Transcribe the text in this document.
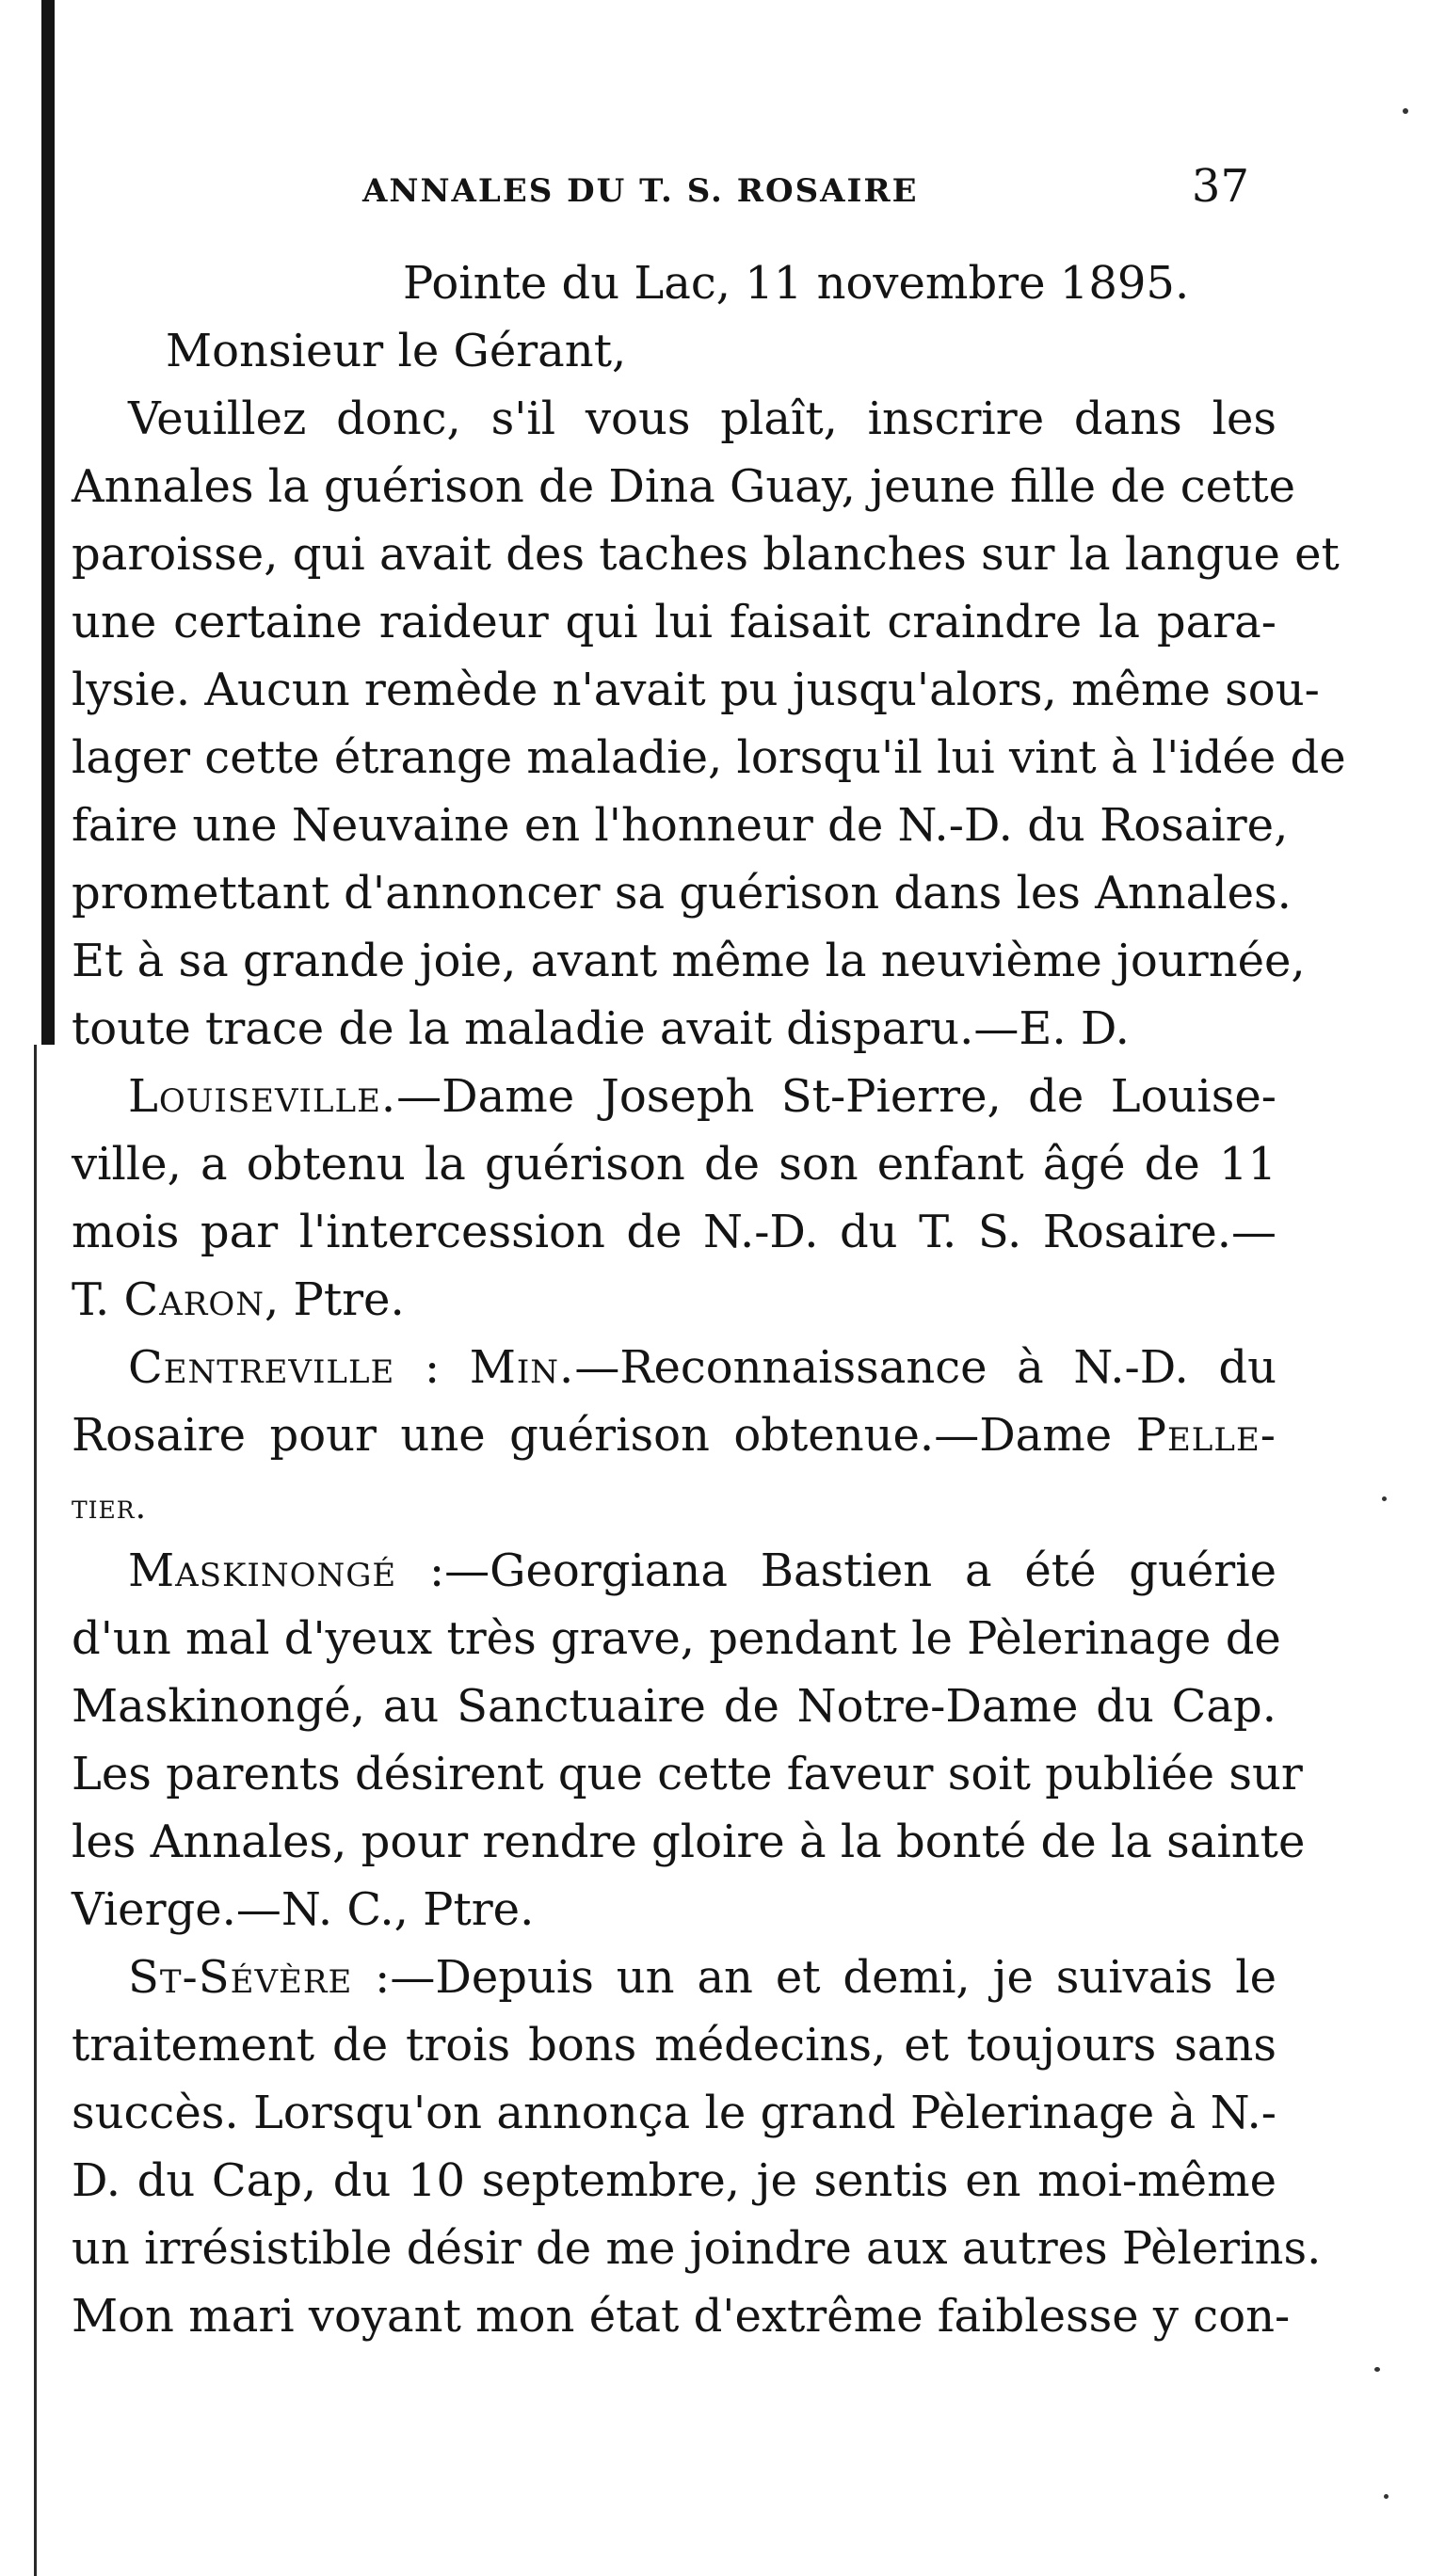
ANNALES DU T. S. ROSAIRE	37
Pointe du Lac, 11 novembre 1895.
Monsieur le Gérant,
Veuillez donc, s'il vous plaît, inscrire dans les
Annales la guérison de Dina Guay, jeune fille de cette
paroisse, qui avait des taches blanches sur la langue et
une certaine raideur qui lui faisait craindre la para-
lysie. Aucun remède n'avait pu jusqu'alors, même sou-
lager cette étrange maladie, lorsqu'il lui vint à l'idée de
faire une Neuvaine en l'honneur de N.-D. du Rosaire,
promettant d'annoncer sa guérison dans les Annales.
Et à sa grande joie, avant même la neuvième journée,
toute trace de la maladie avait disparu.—E. D.
Louiseville.—Dame Joseph St-Pierre, de Louise-
ville, a obtenu la guérison de son enfant âgé de 11
mois par l'intercession de N.-D. du T. S. Rosaire.—
T. Caron, Ptre.
Centreville : Min.—Reconnaissance à N.-D. du
Rosaire pour une guérison obtenue.—Dame Pelle-
tier.
Maskinongé :—Georgiana Bastien a été guérie
d'un mal d'yeux très grave, pendant le Pèlerinage de
Maskinongé, au Sanctuaire de Notre-Dame du Cap.
Les parents désirent que cette faveur soit publiée sur
les Annales, pour rendre gloire à la bonté de la sainte
Vierge.—N. C., Ptre.
St-Sévère :—Depuis un an et demi, je suivais le
traitement de trois bons médecins, et toujours sans
succès. Lorsqu'on annonça le grand Pèlerinage à N.-
D. du Cap, du 10 septembre, je sentis en moi-même
un irrésistible désir de me joindre aux autres Pèlerins.
Mon mari voyant mon état d'extrême faiblesse y con-
